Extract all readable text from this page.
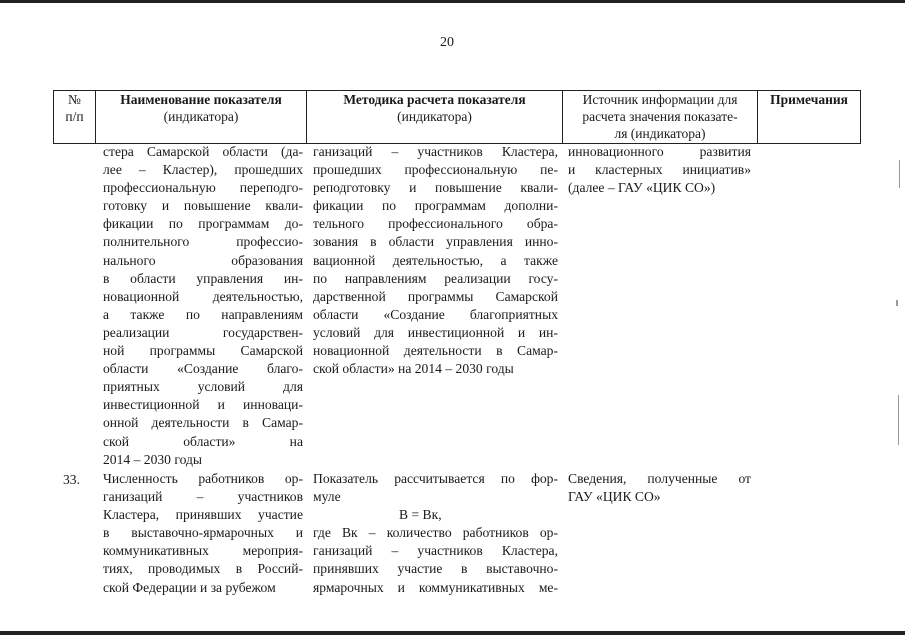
20
№
п/п
Наименование показателя
(индикатора)
Методика расчета показателя
(индикатора)
Источник информации для
расчета значения показате-
ля (индикатора)
Примечания
стера Самарской области (да-
лее – Кластер), прошедших
профессиональную переподго-
готовку и повышение квали-
фикации по программам до-
полнительного профессио-
нального образования
в области управления ин-
новационной деятельностью,
а также по направлениям
реализации государствен-
ной программы Самарской
области «Создание благо-
приятных условий для
инвестиционной и инноваци-
онной деятельности в Самар-
ской области» на
2014 – 2030 годы
ганизаций – участников Кластера,
прошедших профессиональную пе-
реподготовку и повышение квали-
фикации по программам дополни-
тельного профессионального обра-
зования в области управления инно-
вационной деятельностью, а также
по направлениям реализации госу-
дарственной программы Самарской
области «Создание благоприятных
условий для инвестиционной и ин-
новационной деятельности в Самар-
ской области» на 2014 – 2030 годы
инновационного развития
и кластерных инициатив»
(далее – ГАУ «ЦИК СО»)
33. Численность работников ор-
ганизаций – участников
Кластера, принявших участие
в выставочно-ярмарочных и
коммуникативных мероприя-
тиях, проводимых в Россий-
ской Федерации и за рубежом
Показатель рассчитывается по фор-
муле
В = Вк,
где Вк – количество работников ор-
ганизаций – участников Кластера,
принявших участие в выставочно-
ярмарочных и коммуникативных ме-
Сведения, полученные от
ГАУ «ЦИК СО»
